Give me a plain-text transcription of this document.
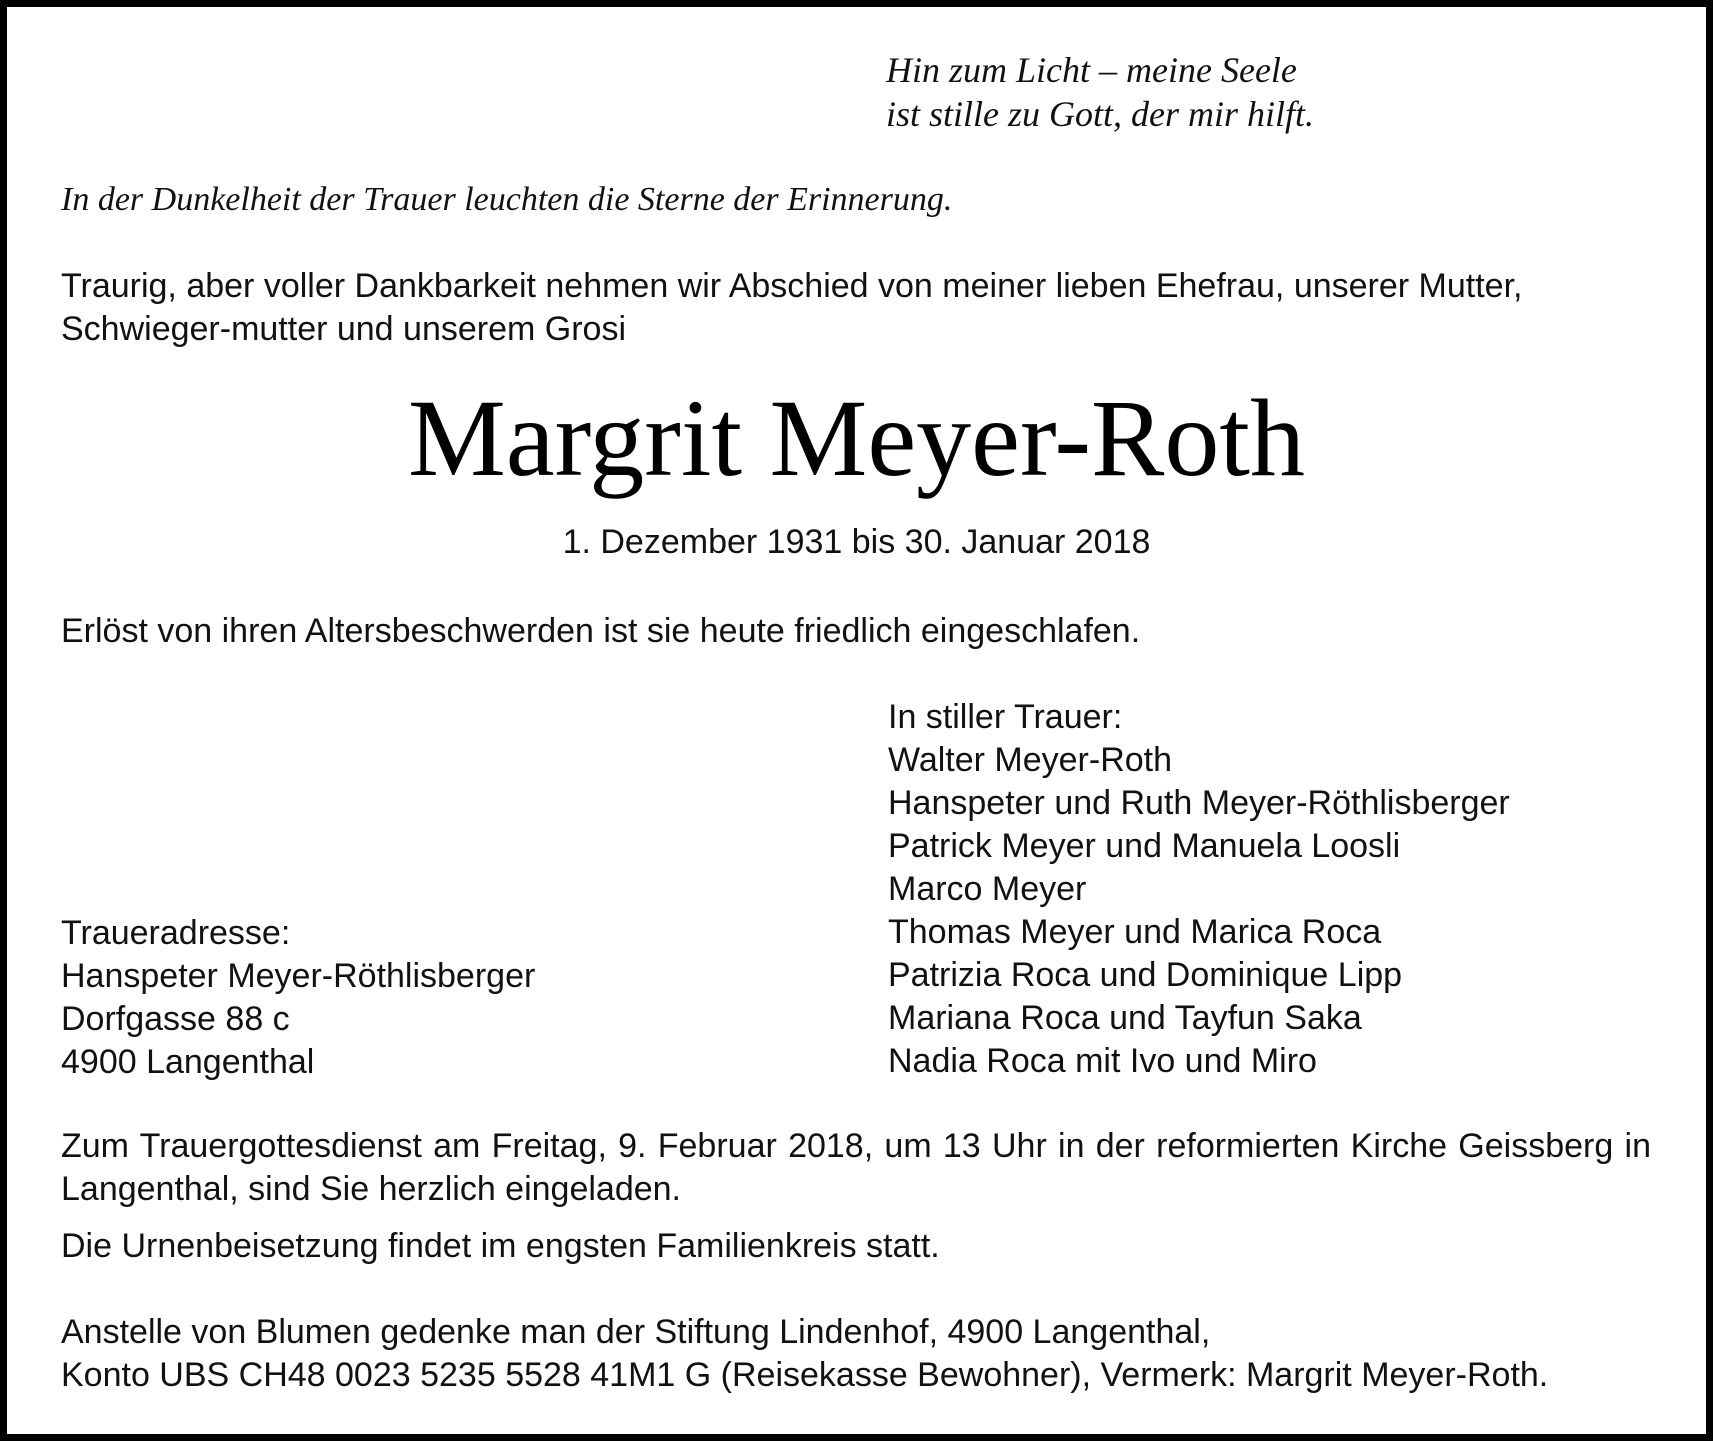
Hin zum Licht – meine Seele
ist stille zu Gott, der mir hilft.
In der Dunkelheit der Trauer leuchten die Sterne der Erinnerung.
Traurig, aber voller Dankbarkeit nehmen wir Abschied von meiner lieben Ehefrau, unserer Mutter, Schwieger-mutter und unserem Grosi
Margrit Meyer-Roth
1. Dezember 1931 bis 30. Januar 2018
Erlöst von ihren Altersbeschwerden ist sie heute friedlich eingeschlafen.
In stiller Trauer:
Walter Meyer-Roth
Hanspeter und Ruth Meyer-Röthlisberger
Patrick Meyer und Manuela Loosli
Marco Meyer
Thomas Meyer und Marica Roca
Patrizia Roca und Dominique Lipp
Mariana Roca und Tayfun Saka
Nadia Roca mit Ivo und Miro
Traueradresse:
Hanspeter Meyer-Röthlisberger
Dorfgasse 88 c
4900 Langenthal
Zum Trauergottesdienst am Freitag, 9. Februar 2018, um 13 Uhr in der reformierten Kirche Geissberg in Langenthal, sind Sie herzlich eingeladen.
Die Urnenbeisetzung findet im engsten Familienkreis statt.
Anstelle von Blumen gedenke man der Stiftung Lindenhof, 4900 Langenthal,
Konto UBS CH48 0023 5235 5528 41M1 G (Reisekasse Bewohner), Vermerk: Margrit Meyer-Roth.
